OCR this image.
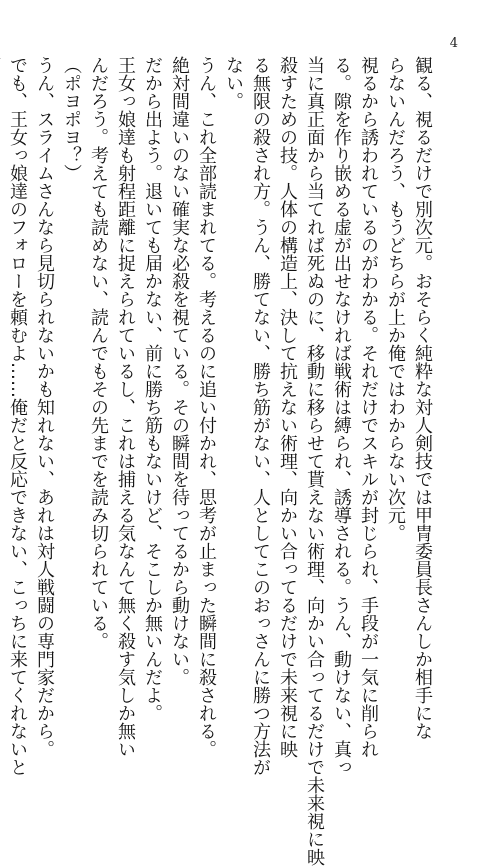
4

観る、視るだけで別次元。おそらく純粋な対人剣技では甲冑委員長さんしか相手にな

らないんだろう、もうどちらが上か俺ではわからない次元。

視るから誘われているのがわかる。それだけでスキルが封じられ、手段が一気に削られ

る。隙を作り嵌める虚が出せなければ戦術は縛られ、誘導される。うん、動けない、真っ

当に真正面から当てれば死ぬのに、移動に移らせて貰えない術理、向かい合ってるだけで未来視に映

殺すための技。人体の構造上、決して抗えない術理、向かい合ってるだけで未来視に映

る無限の殺され方。うん、勝てない、勝ち筋がない、人としてこのおっさんに勝つ方法が

ない。

うん、これ全部読まれてる。考えるのに追い付かれ、思考が止まった瞬間に殺される。

絶対間違いのない確実な必殺を視ている。その瞬間を待ってるから動けない。

だから出よう。退いても届かない、前に勝ち筋もないけど、そこしか無いんだよ。

王女っ娘達も射程距離に捉えられているし、これは捕える気なんて無く殺す気しか無い

んだろう。考えても読めない、読んでもその先までを読み切られている。

（ポヨポヨ？）

うん、スライムさんなら見切られないかも知れない、あれは対人戦闘の専門家だから。

でも、王女っ娘達のフォローを頼むよ……俺だと反応できない、こっちに来てくれないと
